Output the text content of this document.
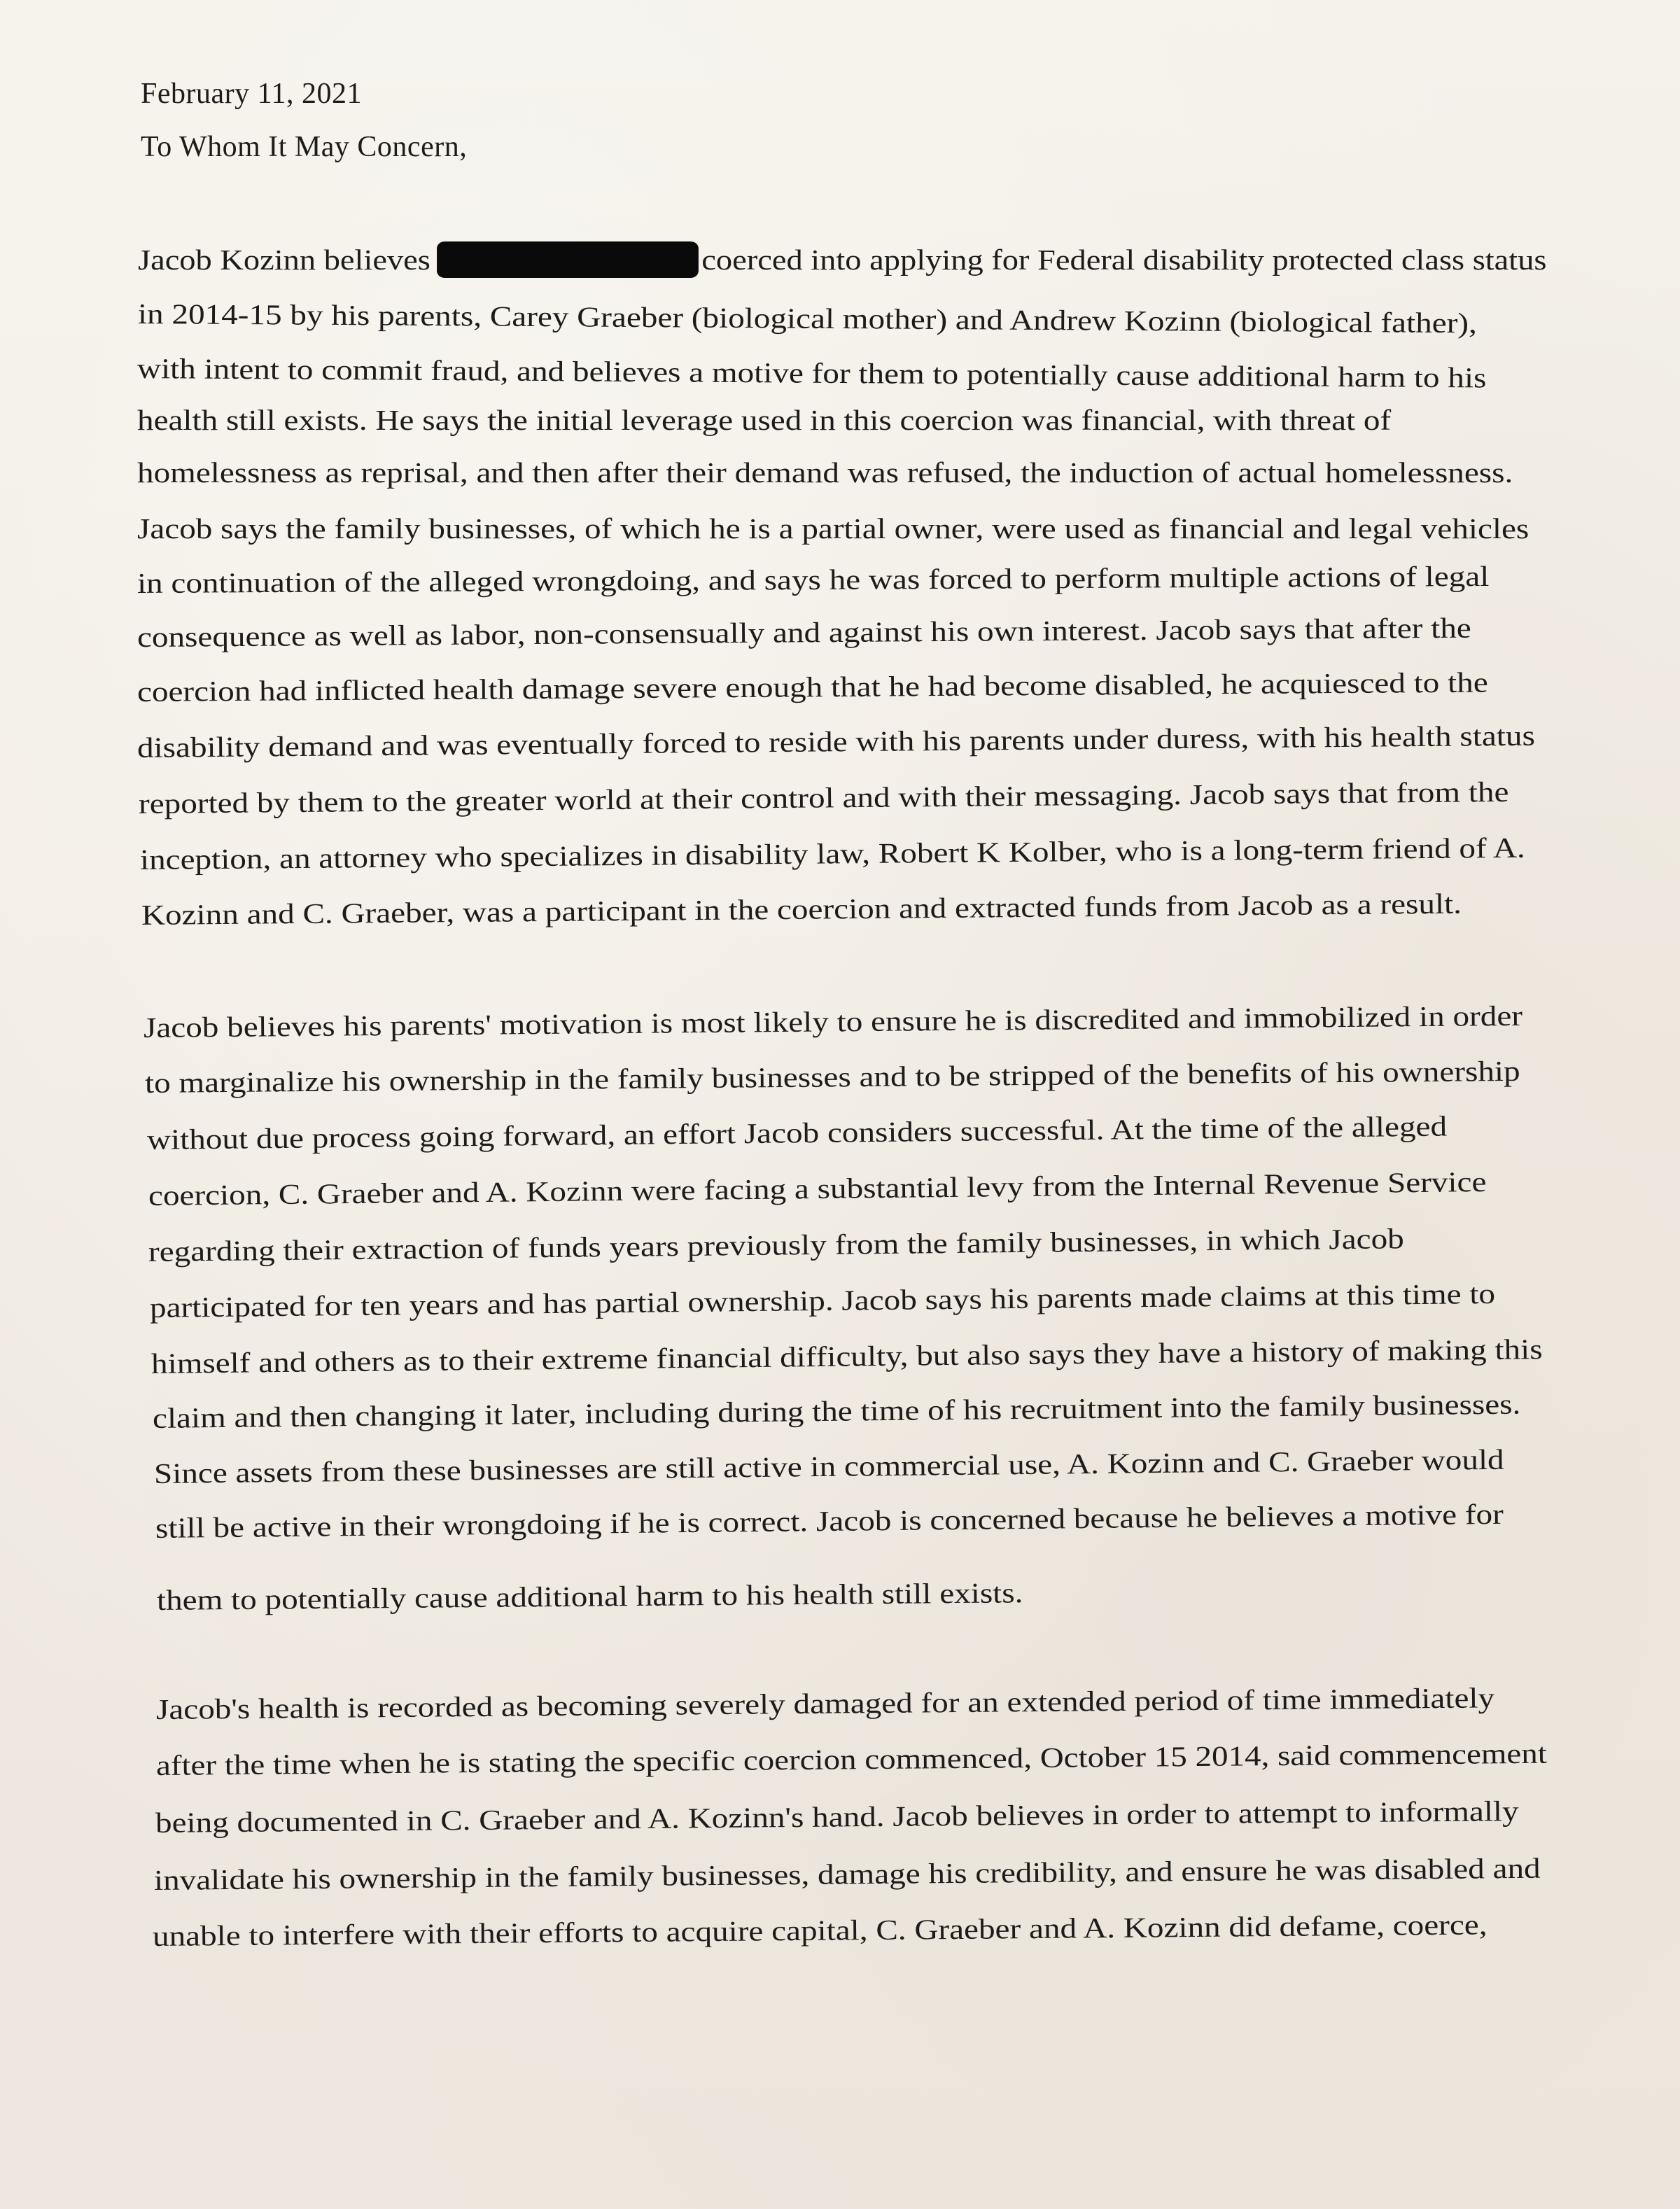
February 11, 2021
To Whom It May Concern,
Jacob Kozinn believes	coerced into applying for Federal disability protected class status
in 2014-15 by his parents, Carey Graeber (biological mother) and Andrew Kozinn (biological father),
with intent to commit fraud, and believes a motive for them to potentially cause additional harm to his
health still exists. He says the initial leverage used in this coercion was financial, with threat of
homelessness as reprisal, and then after their demand was refused, the induction of actual homelessness.
Jacob says the family businesses, of which he is a partial owner, were used as financial and legal vehicles
in continuation of the alleged wrongdoing, and says he was forced to perform multiple actions of legal
consequence as well as labor, non-consensually and against his own interest. Jacob says that after the
coercion had inflicted health damage severe enough that he had become disabled, he acquiesced to the
disability demand and was eventually forced to reside with his parents under duress, with his health status
reported by them to the greater world at their control and with their messaging. Jacob says that from the
inception, an attorney who specializes in disability law, Robert K Kolber, who is a long-term friend of A.
Kozinn and C. Graeber, was a participant in the coercion and extracted funds from Jacob as a result.
Jacob believes his parents' motivation is most likely to ensure he is discredited and immobilized in order
to marginalize his ownership in the family businesses and to be stripped of the benefits of his ownership
without due process going forward, an effort Jacob considers successful. At the time of the alleged
coercion, C. Graeber and A. Kozinn were facing a substantial levy from the Internal Revenue Service
regarding their extraction of funds years previously from the family businesses, in which Jacob
participated for ten years and has partial ownership. Jacob says his parents made claims at this time to
himself and others as to their extreme financial difficulty, but also says they have a history of making this
claim and then changing it later, including during the time of his recruitment into the family businesses.
Since assets from these businesses are still active in commercial use, A. Kozinn and C. Graeber would
still be active in their wrongdoing if he is correct. Jacob is concerned because he believes a motive for
them to potentially cause additional harm to his health still exists.
Jacob's health is recorded as becoming severely damaged for an extended period of time immediately
after the time when he is stating the specific coercion commenced, October 15 2014, said commencement
being documented in C. Graeber and A. Kozinn's hand. Jacob believes in order to attempt to informally
invalidate his ownership in the family businesses, damage his credibility, and ensure he was disabled and
unable to interfere with their efforts to acquire capital, C. Graeber and A. Kozinn did defame, coerce,
